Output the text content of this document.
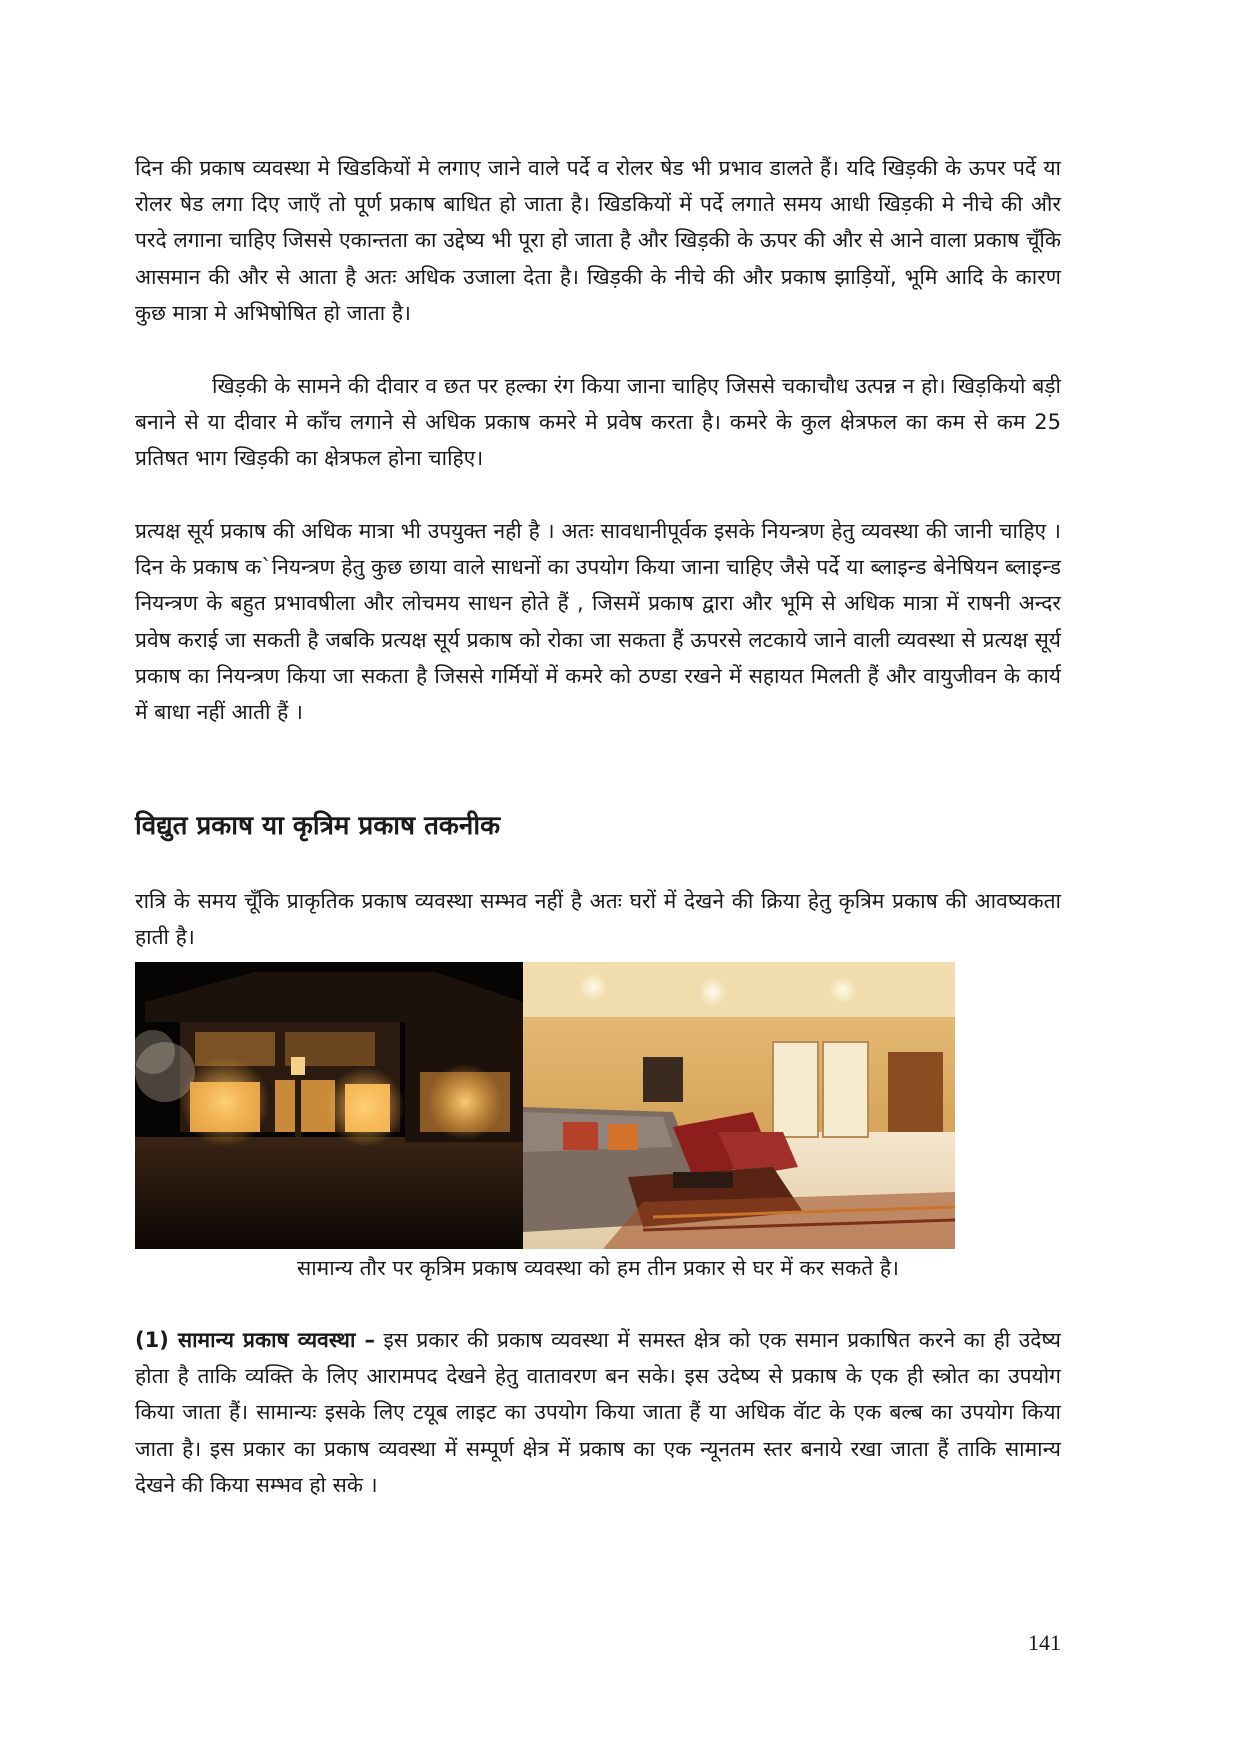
दिन की प्रकाष व्यवस्था मे खिडकियों मे लगाए जाने वाले पर्दे व रोलर षेड भी प्रभाव डालते हैं। यदि खिड़की के ऊपर पर्दे या रोलर षेड लगा दिए जाएँ तो पूर्ण प्रकाष बाधित हो जाता है। खिडकियों में पर्दे लगाते समय आधी खिड़की मे नीचे की और परदे लगाना चाहिए जिससे एकान्तता का उद्देष्य भी पूरा हो जाता है और खिड़की के ऊपर की और से आने वाला प्रकाष चूँकि आसमान की और से आता है अतः अधिक उजाला देता है। खिड़की के नीचे की और प्रकाष झाड़ियों, भूमि आदि के कारण कुछ मात्रा मे अभिषोषित हो जाता है।

खिड़की के सामने की दीवार व छत पर हल्का रंग किया जाना चाहिए जिससे चकाचौध उत्पन्न न हो। खिड़कियो बड़ी बनाने से या दीवार मे काँच लगाने से अधिक प्रकाष कमरे मे प्रवेष करता है। कमरे के कुल क्षेत्रफल का कम से कम 25 प्रतिषत भाग खिड़की का क्षेत्रफल होना चाहिए।

प्रत्यक्ष सूर्य प्रकाष की अधिक मात्रा भी उपयुक्त नही है । अतः सावधानीपूर्वक इसके नियन्त्रण हेतु व्यवस्था की जानी चाहिए ।दिन के प्रकाष क`नियन्त्रण हेतु कुछ छाया वाले साधनों का उपयोग किया जाना चाहिए जैसे पर्दे या ब्लाइन्ड बेनेषियन ब्लाइन्ड नियन्त्रण के बहुत प्रभावषीला और लोचमय साधन होते हैं , जिसमें प्रकाष द्वारा और भूमि से अधिक मात्रा में राषनी अन्दर प्रवेष कराई जा सकती है जबकि प्रत्यक्ष सूर्य प्रकाष को रोका जा सकता हैं ऊपरसे लटकाये जाने वाली व्यवस्था से प्रत्यक्ष सूर्य प्रकाष का नियन्त्रण किया जा सकता है जिससे गर्मियों में कमरे को ठण्डा रखने में सहायत मिलती हैं और वायुजीवन के कार्य में बाधा नहीं आती हैं ।

विद्युत प्रकाष या कृत्रिम प्रकाष तकनीक

रात्रि के समय चूँकि प्राकृतिक प्रकाष व्यवस्था सम्भव नहीं है अतः घरों में देखने की क्रिया हेतु कृत्रिम प्रकाष की आवष्यकता हाती है।

सामान्य तौर पर कृत्रिम प्रकाष व्यवस्था को हम तीन प्रकार से घर में कर सकते है।

(1) सामान्य प्रकाष व्यवस्था – इस प्रकार की प्रकाष व्यवस्था में समस्त क्षेत्र को एक समान प्रकाषित करने का ही उदेष्य होता है ताकि व्यक्ति के लिए आरामपद देखने हेतु वातावरण बन सके। इस उदेष्य से प्रकाष के एक ही स्त्रोत का उपयोग किया जाता हैं। सामान्यः इसके लिए टयूब लाइट का उपयोग किया जाता हैं या अधिक वॅाट के एक बल्ब का उपयोग किया जाता है। इस प्रकार का प्रकाष व्यवस्था में सम्पूर्ण क्षेत्र में प्रकाष का एक न्यूनतम स्तर बनाये रखा जाता हैं ताकि सामान्य देखने की किया सम्भव हो सके ।

141
